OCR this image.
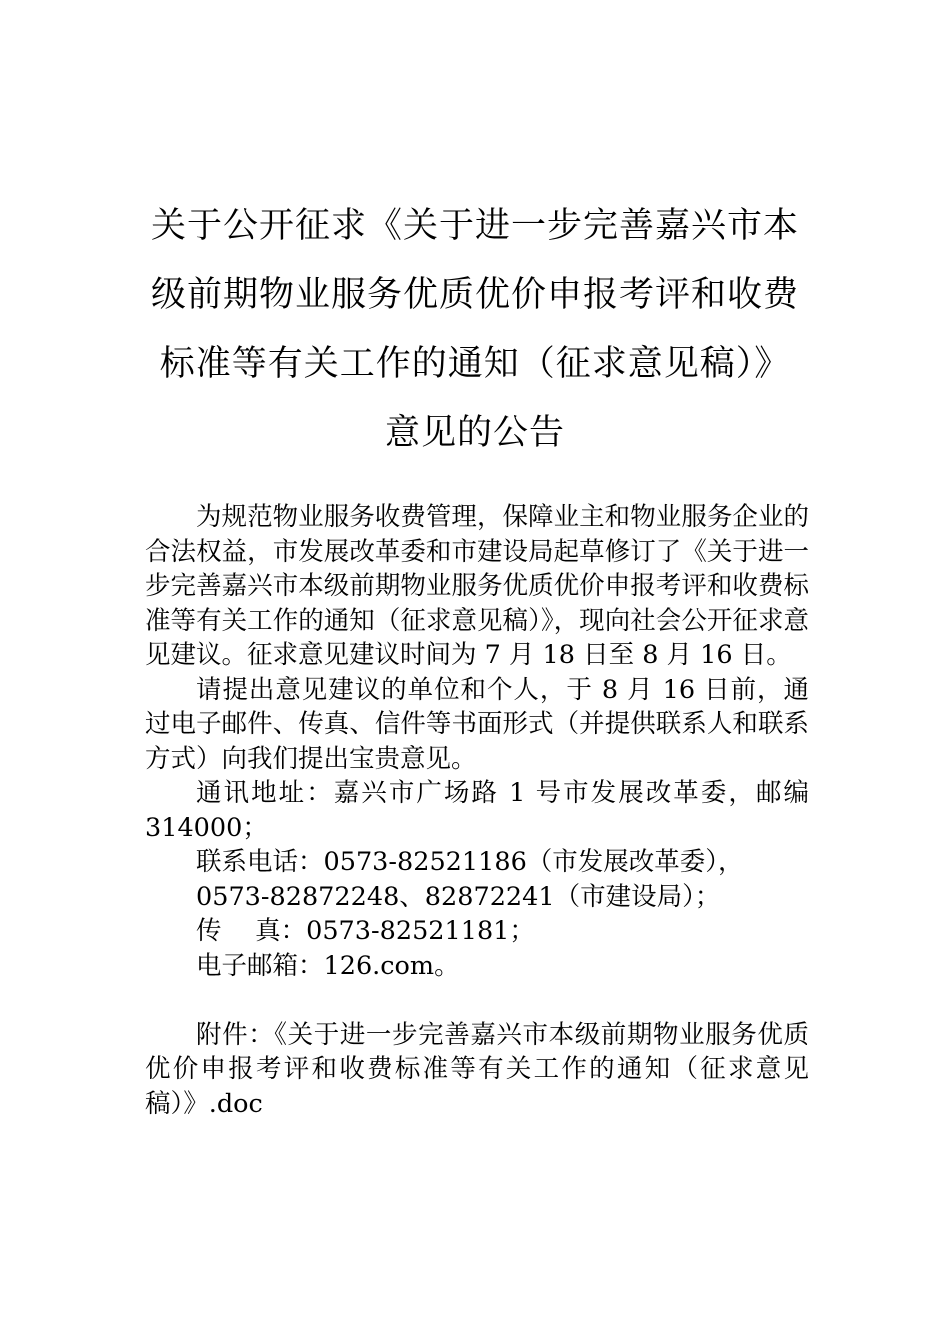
关于公开征求《关于进一步完善嘉兴市本
级前期物业服务优质优价申报考评和收费
标准等有关工作的通知（征求意见稿）》
意见的公告

为规范物业服务收费管理，保障业主和物业服务企业的合法权益，市发展改革委和市建设局起草修订了《关于进一步完善嘉兴市本级前期物业服务优质优价申报考评和收费标准等有关工作的通知（征求意见稿）》，现向社会公开征求意见建议。征求意见建议时间为 7 月 18 日至 8 月 16 日。

请提出意见建议的单位和个人，于 8 月 16 日前，通过电子邮件、传真、信件等书面形式（并提供联系人和联系方式）向我们提出宝贵意见。

通讯地址：嘉兴市广场路 1 号市发展改革委，邮编 314000；

联系电话：0573-82521186（市发展改革委），

0573-82872248、82872241（市建设局）；

传　 真：0573-82521181；

电子邮箱：126.com。

附件：《关于进一步完善嘉兴市本级前期物业服务优质优价申报考评和收费标准等有关工作的通知（征求意见稿）》.doc
